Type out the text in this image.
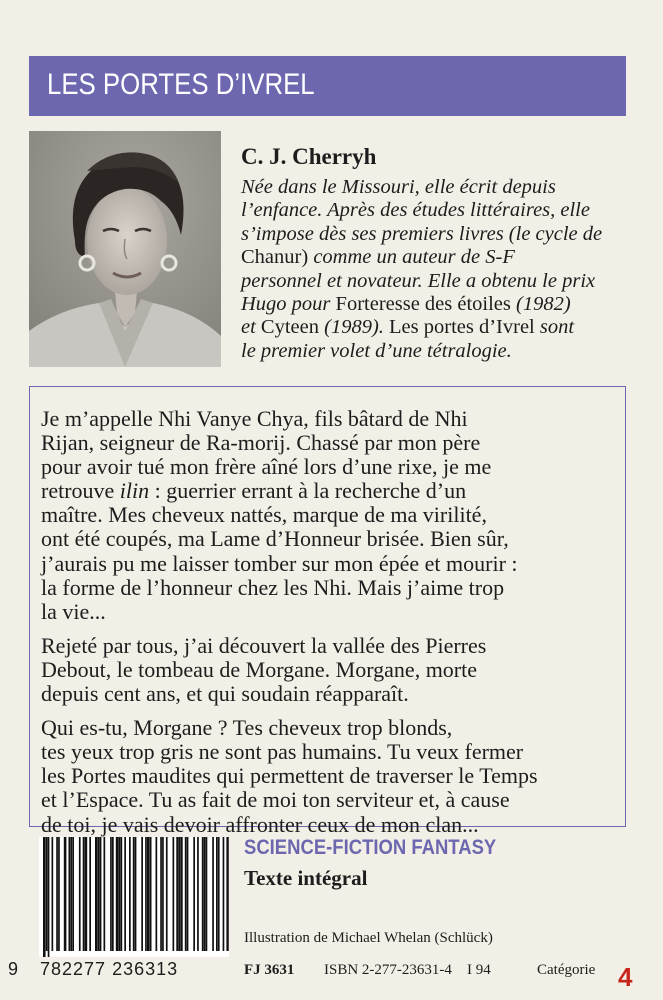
LES PORTES D’IVREL
C. J. Cherryh
Née dans le Missouri, elle écrit depuis
l’enfance. Après des études littéraires, elle
s’impose dès ses premiers livres (le cycle de
Chanur) comme un auteur de S-F
personnel et novateur. Elle a obtenu le prix
Hugo pour Forteresse des étoiles (1982)
et Cyteen (1989). Les portes d’Ivrel sont
le premier volet d’une tétralogie.
Je m’appelle Nhi Vanye Chya, fils bâtard de Nhi
Rijan, seigneur de Ra-morij. Chassé par mon père
pour avoir tué mon frère aîné lors d’une rixe, je me
retrouve ilin : guerrier errant à la recherche d’un
maître. Mes cheveux nattés, marque de ma virilité,
ont été coupés, ma Lame d’Honneur brisée. Bien sûr,
j’aurais pu me laisser tomber sur mon épée et mourir :
la forme de l’honneur chez les Nhi. Mais j’aime trop
la vie...
Rejeté par tous, j’ai découvert la vallée des Pierres
Debout, le tombeau de Morgane. Morgane, morte
depuis cent ans, et qui soudain réapparaît.
Qui es-tu, Morgane ? Tes cheveux trop blonds,
tes yeux trop gris ne sont pas humains. Tu veux fermer
les Portes maudites qui permettent de traverser le Temps
et l’Espace. Tu as fait de moi ton serviteur et, à cause
de toi, je vais devoir affronter ceux de mon clan...
9 782277 236313
SCIENCE-FICTION FANTASY
Texte intégral
Illustration de Michael Whelan (Schlück)
FJ 3631 ISBN 2-277-23631-4 I 94	Catégorie 4
